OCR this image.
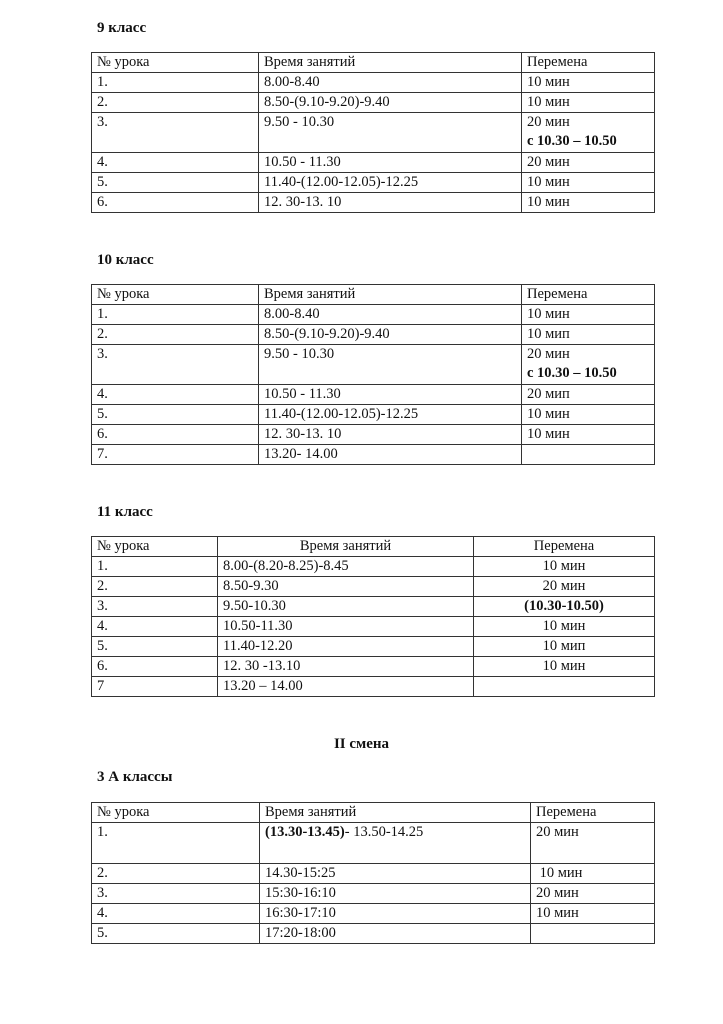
9 класс

№ урока	Время занятий	Перемена
1.	8.00-8.40	10 мин
2.	8.50-(9.10-9.20)-9.40	10 мин
3.	9.50 - 10.30	20 мин
с 10.30 – 10.50

4.	10.50 - 11.30	20 мин
5.	11.40-(12.00-12.05)-12.25	10 мин
6.	12. 30-13. 10	10 мин

10 класс

№ урока	Время занятий	Перемена
1.	8.00-8.40	10 мин
2.	8.50-(9.10-9.20)-9.40	10 мип
3.	9.50 - 10.30	20 мин
с 10.30 – 10.50

4.	10.50 - 11.30	20 мип
5.	11.40-(12.00-12.05)-12.25	10 мин
6.	12. 30-13. 10	10 мин
7.	13.20- 14.00	

11 класс

№ урока	Время занятий	Перемена
1.	8.00-(8.20-8.25)-8.45	10 мин
2.	8.50-9.30	20 мин
3.	9.50-10.30	(10.30-10.50)
4.	10.50-11.30	10 мин
5.	11.40-12.20	10 мип
6.	12. 30 -13.10	10 мин
7	13.20 – 14.00	

II смена

3 А классы

№ урока	Время занятий	Перемена
1.	(13.30-13.45)- 13.50-14.25	20 мин
2.	14.30-15:25	10 мин
3.	15:30-16:10	20 мин
4.	16:30-17:10	10 мин
5.	17:20-18:00	
